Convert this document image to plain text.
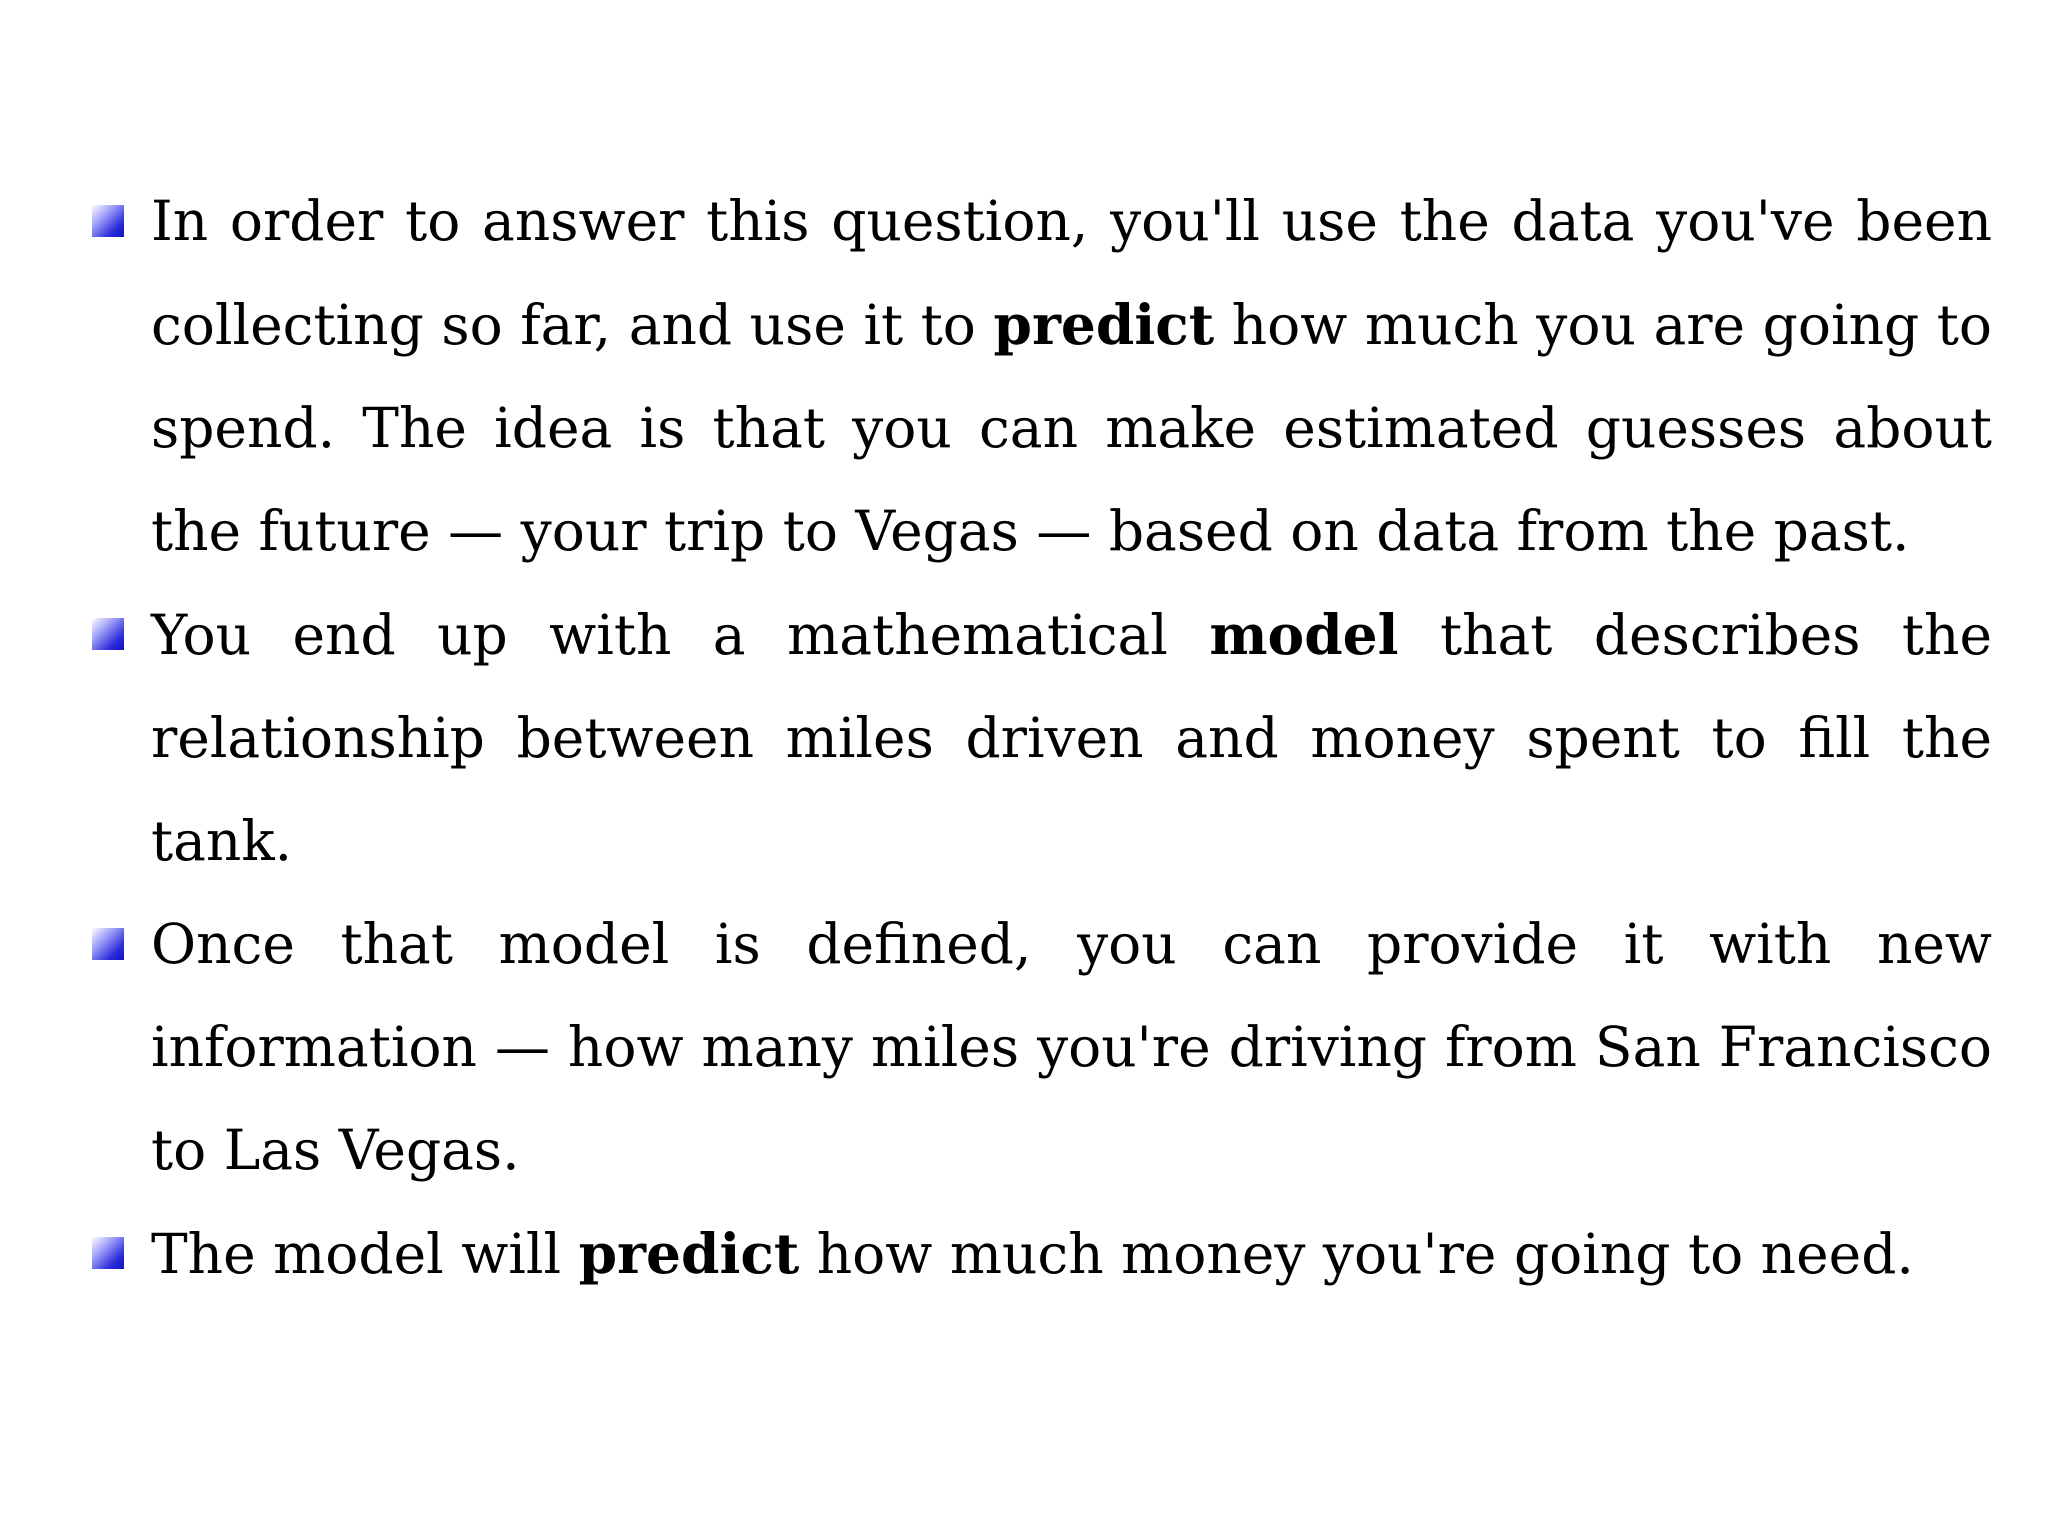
In order to answer this question, you'll use the data you've been collecting so far, and use it to predict how much you are going to spend. The idea is that you can make estimated guesses about the future — your trip to Vegas — based on data from the past.
You end up with a mathematical model that describes the relationship between miles driven and money spent to fill the tank.
Once that model is defined, you can provide it with new information — how many miles you're driving from San Francisco to Las Vegas.
The model will predict how much money you're going to need.
